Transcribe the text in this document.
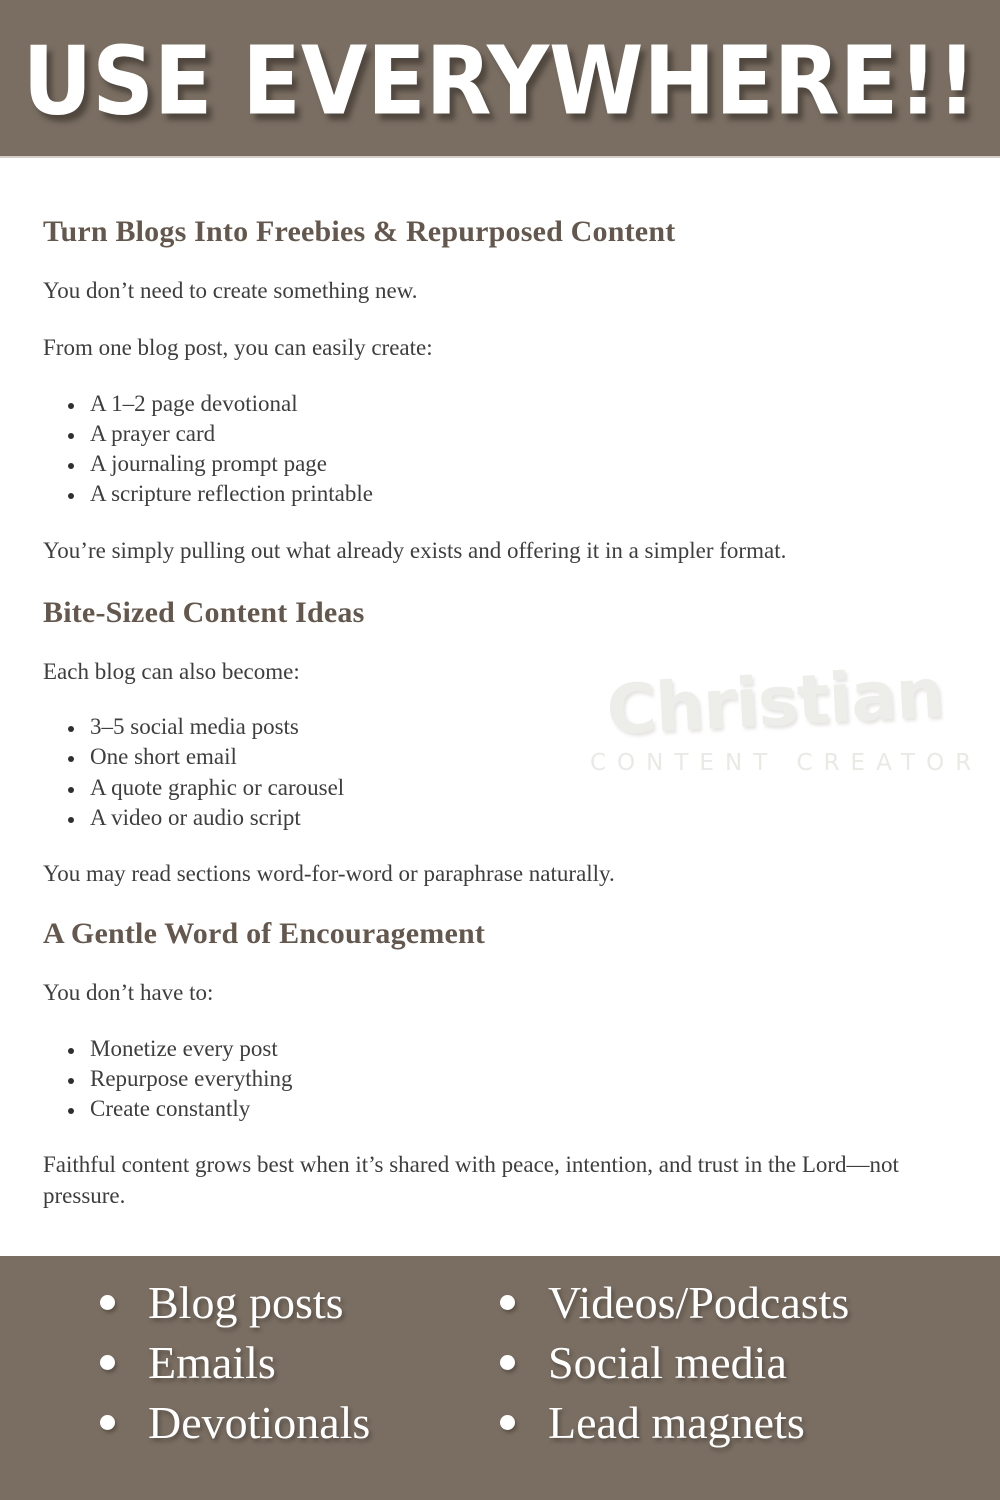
USE EVERYWHERE!!
Christian
CONTENT CREATOR
Turn Blogs Into Freebies & Repurposed Content

You don’t need to create something new.

From one blog post, you can easily create:

• A 1–2 page devotional
• A prayer card
• A journaling prompt page
• A scripture reflection printable

You’re simply pulling out what already exists and offering it in a simpler format.

Bite-Sized Content Ideas

Each blog can also become:

• 3–5 social media posts
• One short email
• A quote graphic or carousel
• A video or audio script

You may read sections word-for-word or paraphrase naturally.

A Gentle Word of Encouragement

You don’t have to:

• Monetize every post
• Repurpose everything
• Create constantly

Faithful content grows best when it’s shared with peace, intention, and trust in the Lord—not pressure.

Blog posts
Emails
Devotionals
Videos/Podcasts
Social media
Lead magnets
